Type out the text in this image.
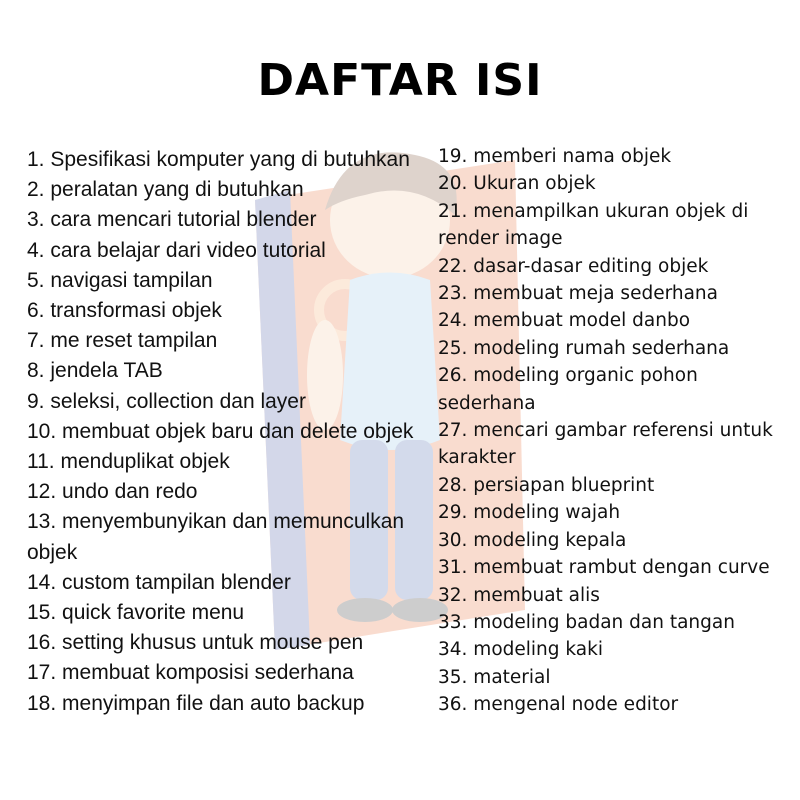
DAFTAR ISI
1. Spesifikasi komputer yang di butuhkan
2. peralatan yang di butuhkan
3. cara mencari tutorial blender
4. cara belajar dari video tutorial
5. navigasi tampilan
6. transformasi objek
7. me reset tampilan
8. jendela TAB
9. seleksi, collection dan layer
10. membuat objek baru dan delete objek
11. menduplikat objek
12. undo dan redo
13. menyembunyikan dan memunculkan objek
14. custom tampilan blender
15. quick favorite menu
16. setting khusus untuk mouse pen
17. membuat komposisi sederhana
18. menyimpan file dan auto backup
19. memberi nama objek
20. Ukuran objek
21. menampilkan ukuran objek di render image
22. dasar-dasar editing objek
23. membuat meja sederhana
24. membuat model danbo
25. modeling rumah sederhana
26. modeling organic pohon sederhana
27. mencari gambar referensi untuk karakter
28. persiapan blueprint
29. modeling wajah
30. modeling kepala
31. membuat rambut dengan curve
32. membuat alis
33. modeling badan dan tangan
34. modeling kaki
35. material
36. mengenal node editor
